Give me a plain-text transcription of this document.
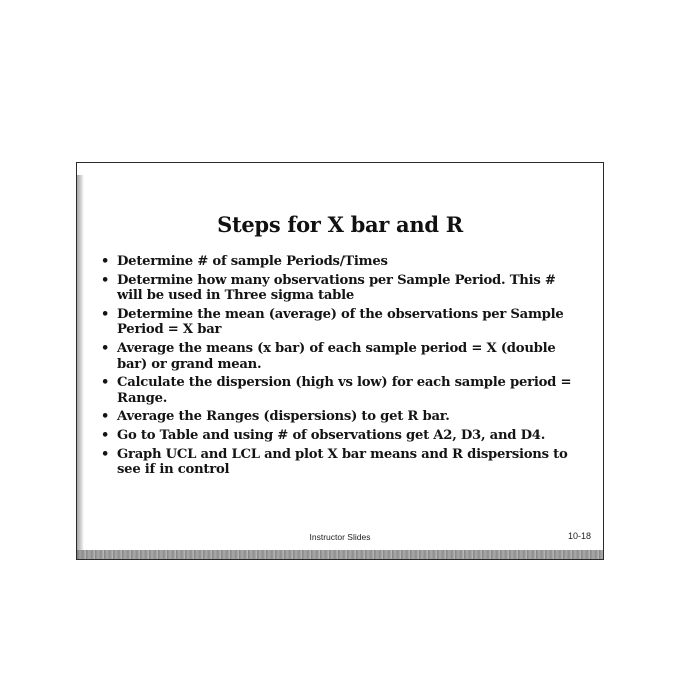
Steps for X bar and R
• Determine # of sample Periods/Times
• Determine how many observations per Sample Period. This # will be used in Three sigma table
• Determine the mean (average) of the observations per Sample Period = X bar
• Average the means (x bar) of each sample period = X (double bar) or grand mean.
• Calculate the dispersion (high vs low) for each sample period = Range.
• Average the Ranges (dispersions) to get R bar.
• Go to Table and using # of observations get A2, D3, and D4.
• Graph UCL and LCL and plot X bar means and R dispersions to see if in control
Instructor Slides	10-18
